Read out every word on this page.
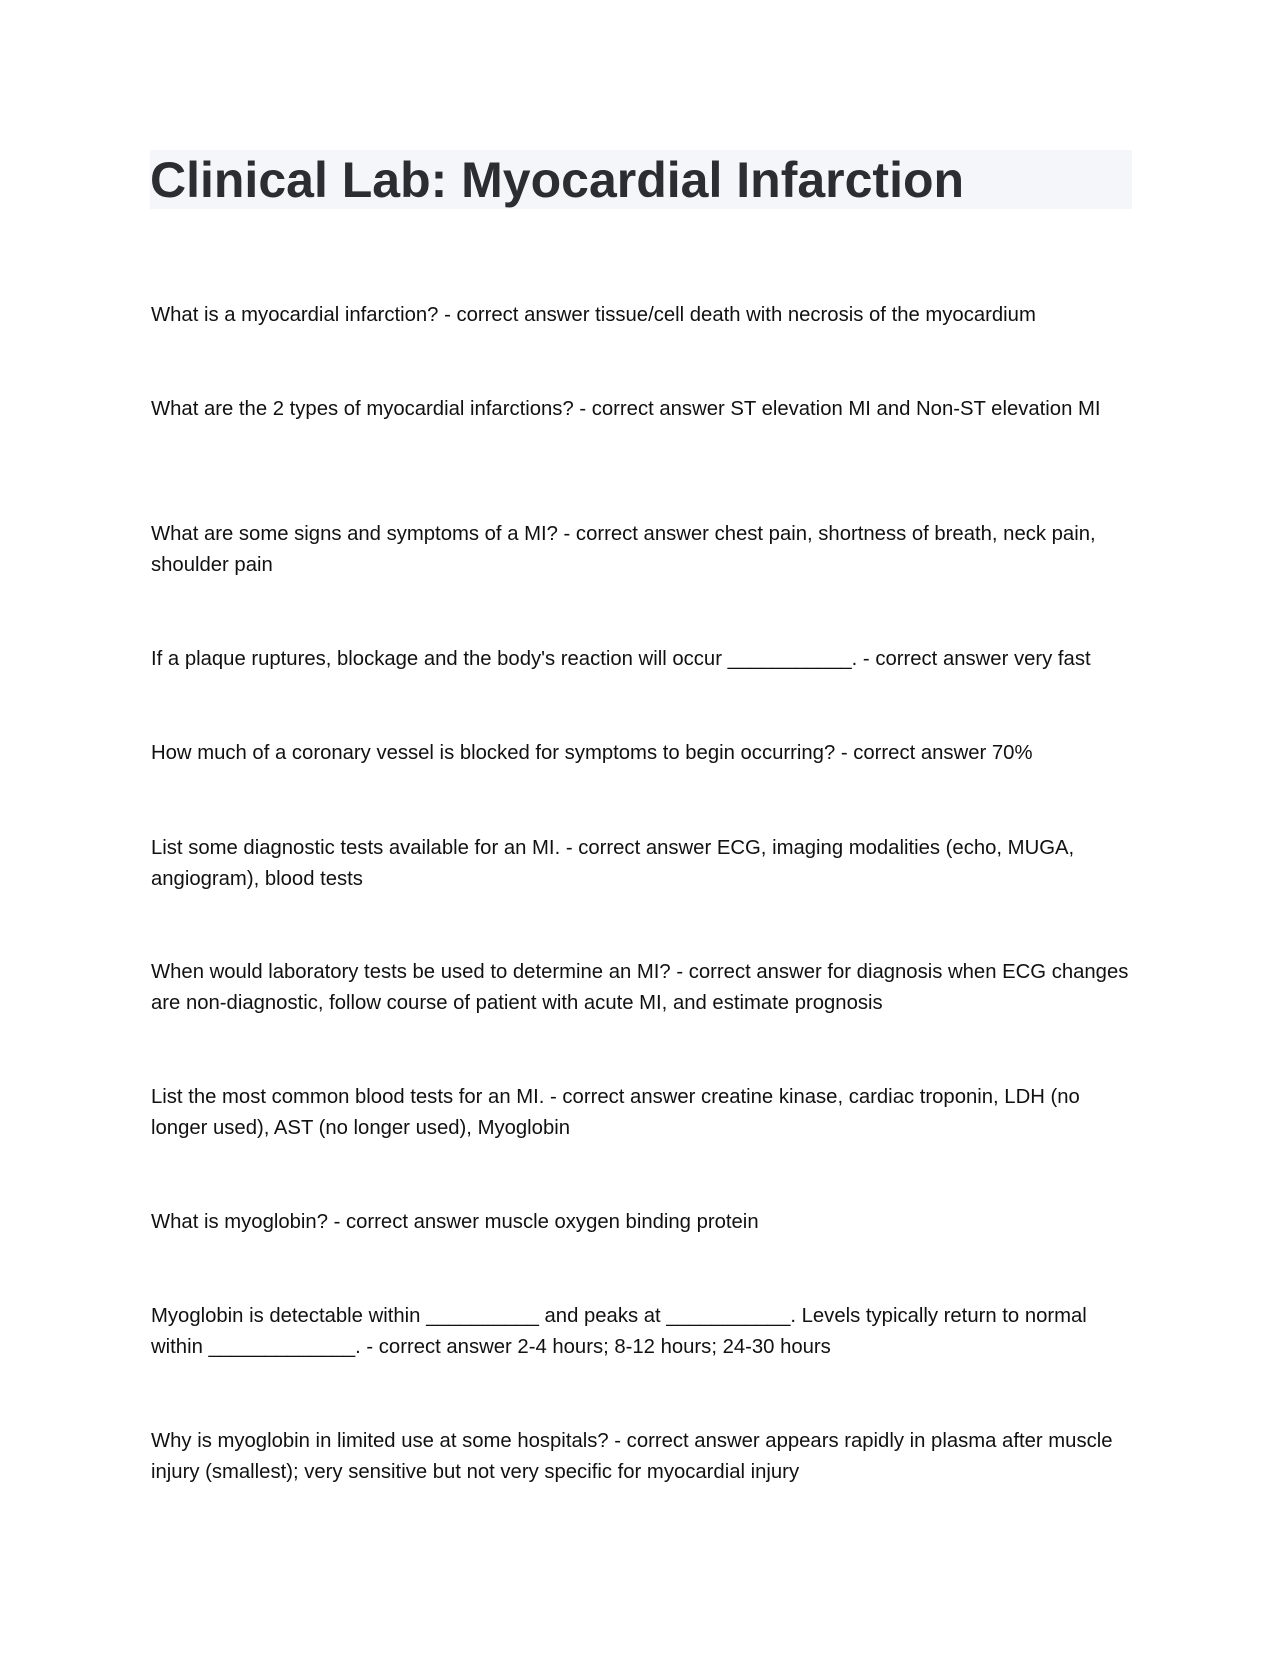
Clinical Lab: Myocardial Infarction

What is a myocardial infarction? - correct answer tissue/cell death with necrosis of the myocardium

What are the 2 types of myocardial infarctions? - correct answer ST elevation MI and Non-ST elevation MI

What are some signs and symptoms of a MI? - correct answer chest pain, shortness of breath, neck pain, shoulder pain

If a plaque ruptures, blockage and the body's reaction will occur ___________. - correct answer very fast

How much of a coronary vessel is blocked for symptoms to begin occurring? - correct answer 70%

List some diagnostic tests available for an MI. - correct answer ECG, imaging modalities (echo, MUGA, angiogram), blood tests

When would laboratory tests be used to determine an MI? - correct answer for diagnosis when ECG changes are non-diagnostic, follow course of patient with acute MI, and estimate prognosis

List the most common blood tests for an MI. - correct answer creatine kinase, cardiac troponin, LDH (no longer used), AST (no longer used), Myoglobin

What is myoglobin? - correct answer muscle oxygen binding protein

Myoglobin is detectable within __________ and peaks at ___________. Levels typically return to normal within _____________. - correct answer 2-4 hours; 8-12 hours; 24-30 hours

Why is myoglobin in limited use at some hospitals? - correct answer appears rapidly in plasma after muscle injury (smallest); very sensitive but not very specific for myocardial injury
